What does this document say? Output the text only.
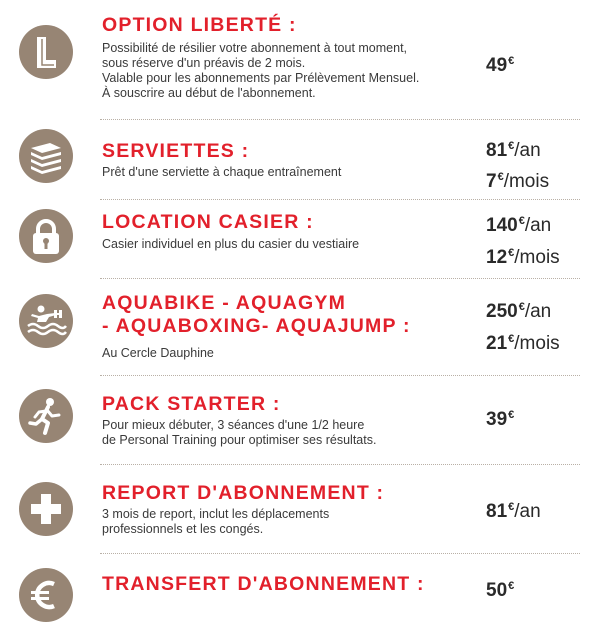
OPTION LIBERTÉ :
Possibilité de résilier votre abonnement à tout moment,
sous réserve d'un préavis de 2 mois.
Valable pour les abonnements par Prélèvement Mensuel.
À souscrire au début de l'abonnement.
49€
SERVIETTES :
Prêt d'une serviette à chaque entraînement
81€/an
7€/mois
LOCATION CASIER :
Casier individuel en plus du casier du vestiaire
140€/an
12€/mois
AQUABIKE - AQUAGYM
- AQUABOXING- AQUAJUMP :
Au Cercle Dauphine
250€/an
21€/mois
PACK STARTER :
Pour mieux débuter, 3 séances d'une 1/2 heure
de Personal Training pour optimiser ses résultats.
39€
REPORT D'ABONNEMENT :
3 mois de report, inclut les déplacements
professionnels et les congés.
81€/an
TRANSFERT D'ABONNEMENT :	50€
